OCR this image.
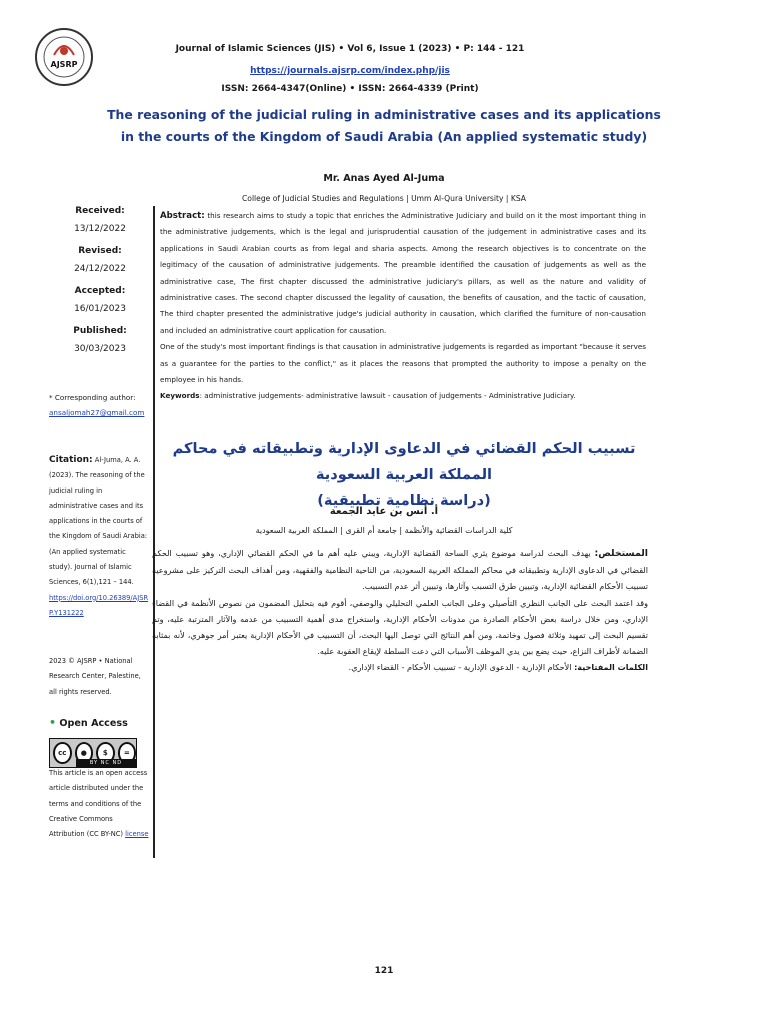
AJSRP
Journal of Islamic Sciences (JIS) • Vol 6, Issue 1 (2023) • P: 144 - 121
https://journals.ajsrp.com/index.php/jis
ISSN: 2664-4347(Online) • ISSN: 2664-4339 (Print)
The reasoning of the judicial ruling in administrative cases and its applications
in the courts of the Kingdom of Saudi Arabia (An applied systematic study)
Mr. Anas Ayed Al-Juma
College of Judicial Studies and Regulations | Umm Al-Qura University | KSA
Received:
13/12/2022
Revised:
24/12/2022
Accepted:
16/01/2023
Published:
30/03/2023
* Corresponding author:
ansaljomah27@gmail.com
Citation: Al-Juma, A. A. (2023). The reasoning of the judicial ruling in administrative cases and its applications in the courts of the Kingdom of Saudi Arabia: (An applied systematic study). Journal of Islamic Sciences, 6(1),121 – 144.
https://doi.org/10.26389/AJSRP.Y131222
2023 © AJSRP • National Research Center, Palestine, all rights reserved.
• Open Access
cc	●	$	=
BY NC ND
This article is an open access article distributed under the terms and conditions of the Creative Commons Attribution (CC BY-NC) license

Abstract: this research aims to study a topic that enriches the Administrative Judiciary and build on it the most important thing in the administrative judgements, which is the legal and jurisprudential causation of the judgement in administrative cases and its applications in Saudi Arabian courts as from legal and sharia aspects. Among the research objectives is to concentrate on the legitimacy of the causation of administrative judgements. The preamble identified the causation of judgements as well as the administrative case, The first chapter discussed the administrative judiciary's pillars, as well as the nature and validity of administrative cases. The second chapter discussed the legality of causation, the benefits of causation, and the tactic of causation, The third chapter presented the administrative judge's judicial authority in causation, which clarified the furniture of non-causation and included an administrative court application for causation.

One of the study's most important findings is that causation in administrative judgements is regarded as important "because it serves as a guarantee for the parties to the conflict," as it places the reasons that prompted the authority to impose a penalty on the employee in his hands.

Keywords: administrative judgements- administrative lawsuit - causation of judgements - Administrative Judiciary.

تسبيب الحكم القضائي في الدعاوى الإدارية وتطبيقاته في محاكم المملكة العربية السعودية
(دراسة نظامية تطبيقية)
أ. أنس بن عايد الجمعة
كلية الدراسات القضائية والأنظمة | جامعة أم القرى | المملكة العربية السعودية

المستخلص: يهدف البحث لدراسة موضوع يثري الساحة القضائية الإدارية، ويبني عليه أهم ما في الحكم القضائي الإداري، وهو تسبيب الحكم القضائي في الدعاوى الإدارية وتطبيقاته في محاكم المملكة العربية السعودية، من الناحية النظامية والفقهية، ومن أهداف البحث التركيز على مشروعية تسبيب الأحكام القضائية الإدارية، وتبيين طرق التسبب وآثارها، وتبيين أثر عدم التسبيب.

وقد اعتمد البحث على الجانب النظري التأصيلي وعلى الجانب العلمي التحليلي والوصفي، أقوم فيه بتحليل المضمون من نصوص الأنظمة في القضاء الإداري، ومن خلال دراسة بعض الأحكام الصادرة من مدونات الأحكام الإدارية، واستخراج مدى أهمية التسبيب من عدمه والآثار المترتبة عليه، وتم تقسيم البحث إلى تمهيد وثلاثة فصول وخاتمة، ومن أهم النتائج التي توصل اليها البحث، أن التسبيب في الأحكام الإدارية يعتبر أمر جوهري، لأنه بمثابة الضمانة لأطراف النزاع، حيث يضع بين يدي الموظف الأسباب التي دعت السلطة لإيقاع العقوبة عليه.

الكلمات المفتاحية: الأحكام الإدارية - الدعوى الإدارية - تسبيب الأحكام - القضاء الإداري.

121
